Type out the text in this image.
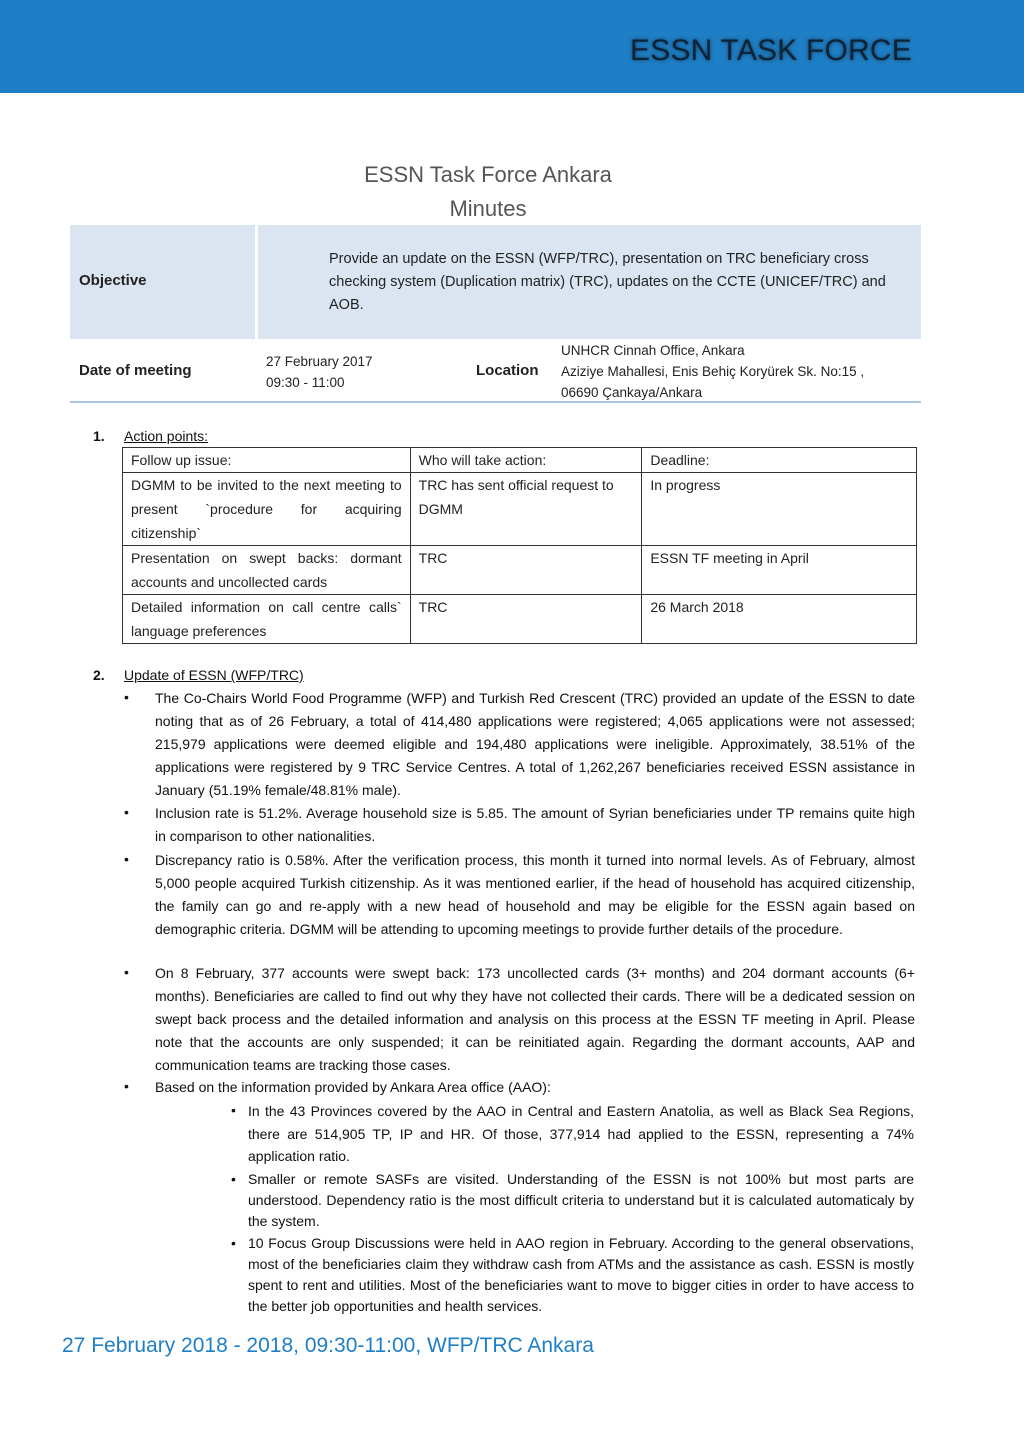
ESSN TASK FORCE
ESSN Task Force Ankara
Minutes
Objective
Provide an update on the ESSN (WFP/TRC), presentation on TRC beneficiary cross checking system (Duplication matrix) (TRC), updates on the CCTE (UNICEF/TRC) and AOB.
Date of meeting
27 February 2017
09:30 - 11:00
Location
UNHCR Cinnah Office, Ankara
Aziziye Mahallesi, Enis Behiç Koryürek Sk. No:15 ,
06690 Çankaya/Ankara
1. Action points:
Follow up issue:	Who will take action:	Deadline:
DGMM to be invited to the next meeting to present `procedure for acquiring citizenship`	TRC has sent official request to DGMM	In progress
Presentation on swept backs: dormant accounts and uncollected cards	TRC	ESSN TF meeting in April
Detailed information on call centre calls` language preferences	TRC	26 March 2018
2. Update of ESSN (WFP/TRC)
• The Co-Chairs World Food Programme (WFP) and Turkish Red Crescent (TRC) provided an update of the ESSN to date noting that as of 26 February, a total of 414,480 applications were registered; 4,065 applications were not assessed; 215,979 applications were deemed eligible and 194,480 applications were ineligible. Approximately, 38.51% of the applications were registered by 9 TRC Service Centres. A total of 1,262,267 beneficiaries received ESSN assistance in January (51.19% female/48.81% male).
• Inclusion rate is 51.2%. Average household size is 5.85. The amount of Syrian beneficiaries under TP remains quite high in comparison to other nationalities.
• Discrepancy ratio is 0.58%. After the verification process, this month it turned into normal levels. As of February, almost 5,000 people acquired Turkish citizenship. As it was mentioned earlier, if the head of household has acquired citizenship, the family can go and re-apply with a new head of household and may be eligible for the ESSN again based on demographic criteria. DGMM will be attending to upcoming meetings to provide further details of the procedure.
• On 8 February, 377 accounts were swept back: 173 uncollected cards (3+ months) and 204 dormant accounts (6+ months). Beneficiaries are called to find out why they have not collected their cards. There will be a dedicated session on swept back process and the detailed information and analysis on this process at the ESSN TF meeting in April. Please note that the accounts are only suspended; it can be reinitiated again. Regarding the dormant accounts, AAP and communication teams are tracking those cases.
• Based on the information provided by Ankara Area office (AAO):
• In the 43 Provinces covered by the AAO in Central and Eastern Anatolia, as well as Black Sea Regions, there are 514,905 TP, IP and HR. Of those, 377,914 had applied to the ESSN, representing a 74% application ratio.
• Smaller or remote SASFs are visited. Understanding of the ESSN is not 100% but most parts are understood. Dependency ratio is the most difficult criteria to understand but it is calculated automaticaly by the system.
• 10 Focus Group Discussions were held in AAO region in February. According to the general observations, most of the beneficiaries claim they withdraw cash from ATMs and the assistance as cash. ESSN is mostly spent to rent and utilities. Most of the beneficiaries want to move to bigger cities in order to have access to the better job opportunities and health services.
27 February 2018 - 2018, 09:30-11:00, WFP/TRC Ankara
